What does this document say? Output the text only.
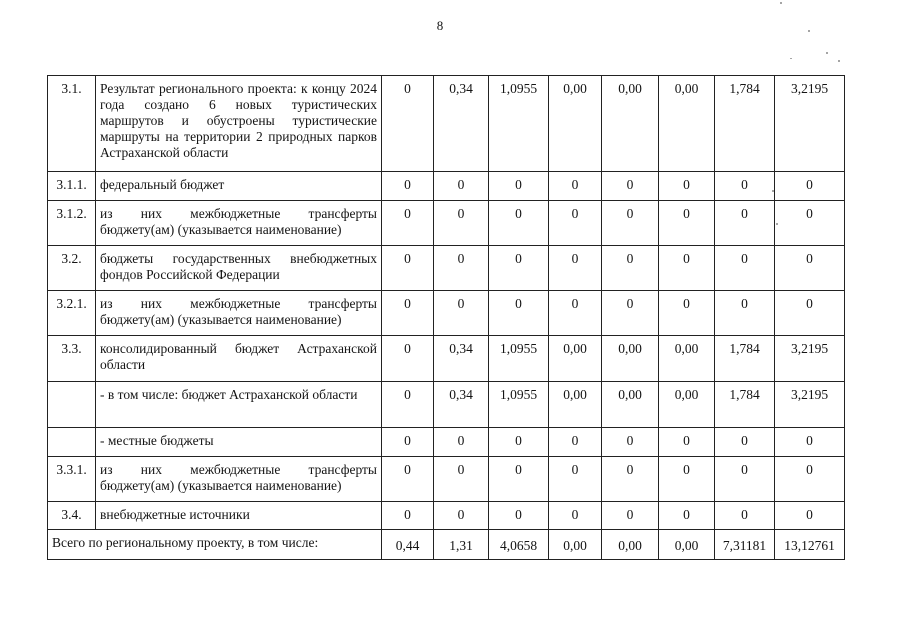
8
3.1.	Результат регионального проекта: к концу 2024 года создано 6 новых туристических маршрутов и обустроены туристические маршруты на территории 2 природных парков Астраханской области	0	0,34	1,0955	0,00	0,00	0,00	1,784	3,2195
3.1.1.	федеральный бюджет	0	0	0	0	0	0	0	0
3.1.2.	из них межбюджетные трансферты бюджету(ам) (указывается наименование)	0	0	0	0	0	0	0	0
3.2.	бюджеты государственных внебюджетных фондов Российской Федерации	0	0	0	0	0	0	0	0
3.2.1.	из них межбюджетные трансферты бюджету(ам) (указывается наименование)	0	0	0	0	0	0	0	0
3.3.	консолидированный бюджет Астраханской области	0	0,34	1,0955	0,00	0,00	0,00	1,784	3,2195
	- в том числе: бюджет Астраханской области	0	0,34	1,0955	0,00	0,00	0,00	1,784	3,2195
	- местные бюджеты	0	0	0	0	0	0	0	0
3.3.1.	из них межбюджетные трансферты бюджету(ам) (указывается наименование)	0	0	0	0	0	0	0	0
3.4.	внебюджетные источники	0	0	0	0	0	0	0	0
Всего по региональному проекту, в том числе:		0,44	1,31	4,0658	0,00	0,00	0,00	7,31181	13,12761
